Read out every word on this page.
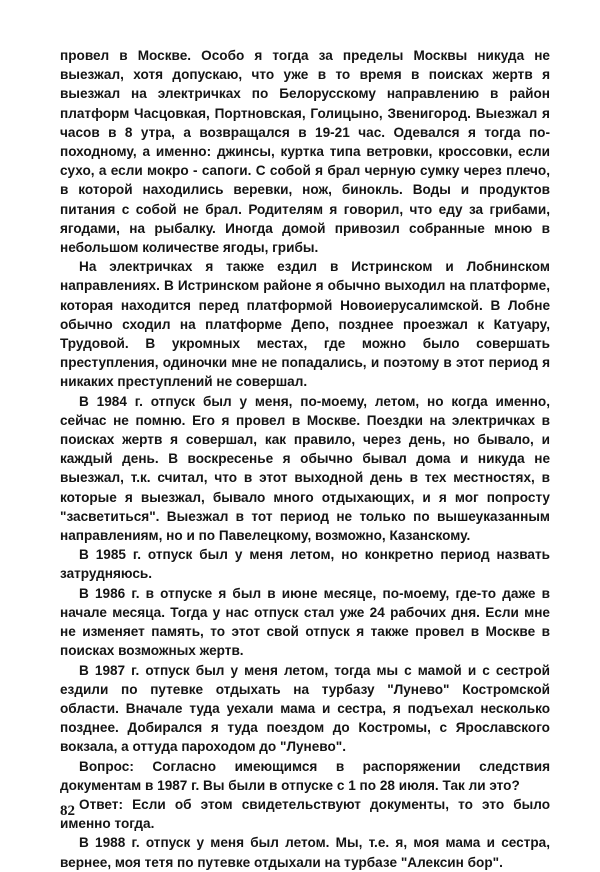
провел в Москве. Особо я тогда за пределы Москвы никуда не выезжал, хотя допускаю, что уже в то время в поисках жертв я выезжал на электричках по Белорусскому направлению в район платформ Часцовкая, Портновская, Голицыно, Звенигород. Выезжал я часов в 8 утра, а возвращался в 19-21 час. Одевался я тогда по-походному, а именно: джинсы, куртка типа ветровки, кроссовки, если сухо, а если мокро - сапоги. С собой я брал черную сумку через плечо, в которой находились веревки, нож, бинокль. Воды и продуктов питания с собой не брал. Родителям я говорил, что еду за грибами, ягодами, на рыбалку. Иногда домой привозил собранные мною в небольшом количестве ягоды, грибы.

На электричках я также ездил в Истринском и Лобнинском направлениях. В Истринском районе я обычно выходил на платформе, которая находится перед платформой Новоиерусалимской. В Лобне обычно сходил на платформе Депо, позднее проезжал к Катуару, Трудовой. В укромных местах, где можно было совершать преступления, одиночки мне не попадались, и поэтому в этот период я никаких преступлений не совершал.

В 1984 г. отпуск был у меня, по-моему, летом, но когда именно, сейчас не помню. Его я провел в Москве. Поездки на электричках в поисках жертв я совершал, как правило, через день, но бывало, и каждый день. В воскресенье я обычно бывал дома и никуда не выезжал, т.к. считал, что в этот выходной день в тех местностях, в которые я выезжал, бывало много отдыхающих, и я мог попросту "засветиться". Выезжал в тот период не только по вышеуказанным направлениям, но и по Павелецкому, возможно, Казанскому.

В 1985 г. отпуск был у меня летом, но конкретно период назвать затрудняюсь.

В 1986 г. в отпуске я был в июне месяце, по-моему, где-то даже в начале месяца. Тогда у нас отпуск стал уже 24 рабочих дня. Если мне не изменяет память, то этот свой отпуск я также провел в Москве в поисках возможных жертв.

В 1987 г. отпуск был у меня летом, тогда мы с мамой и с сестрой ездили по путевке отдыхать на турбазу "Лунево" Костромской области. Вначале туда уехали мама и сестра, я подъехал несколько позднее. Добирался я туда поездом до Костромы, с Ярославского вокзала, а оттуда пароходом до "Лунево".

Вопрос: Согласно имеющимся в распоряжении следствия документам в 1987 г. Вы были в отпуске с 1 по 28 июля. Так ли это?

Ответ: Если об этом свидетельствуют документы, то это было именно тогда.

В 1988 г. отпуск у меня был летом. Мы, т.е. я, моя мама и сестра, вернее, моя тетя по путевке отдыхали на турбазе "Алексин бор".

82
